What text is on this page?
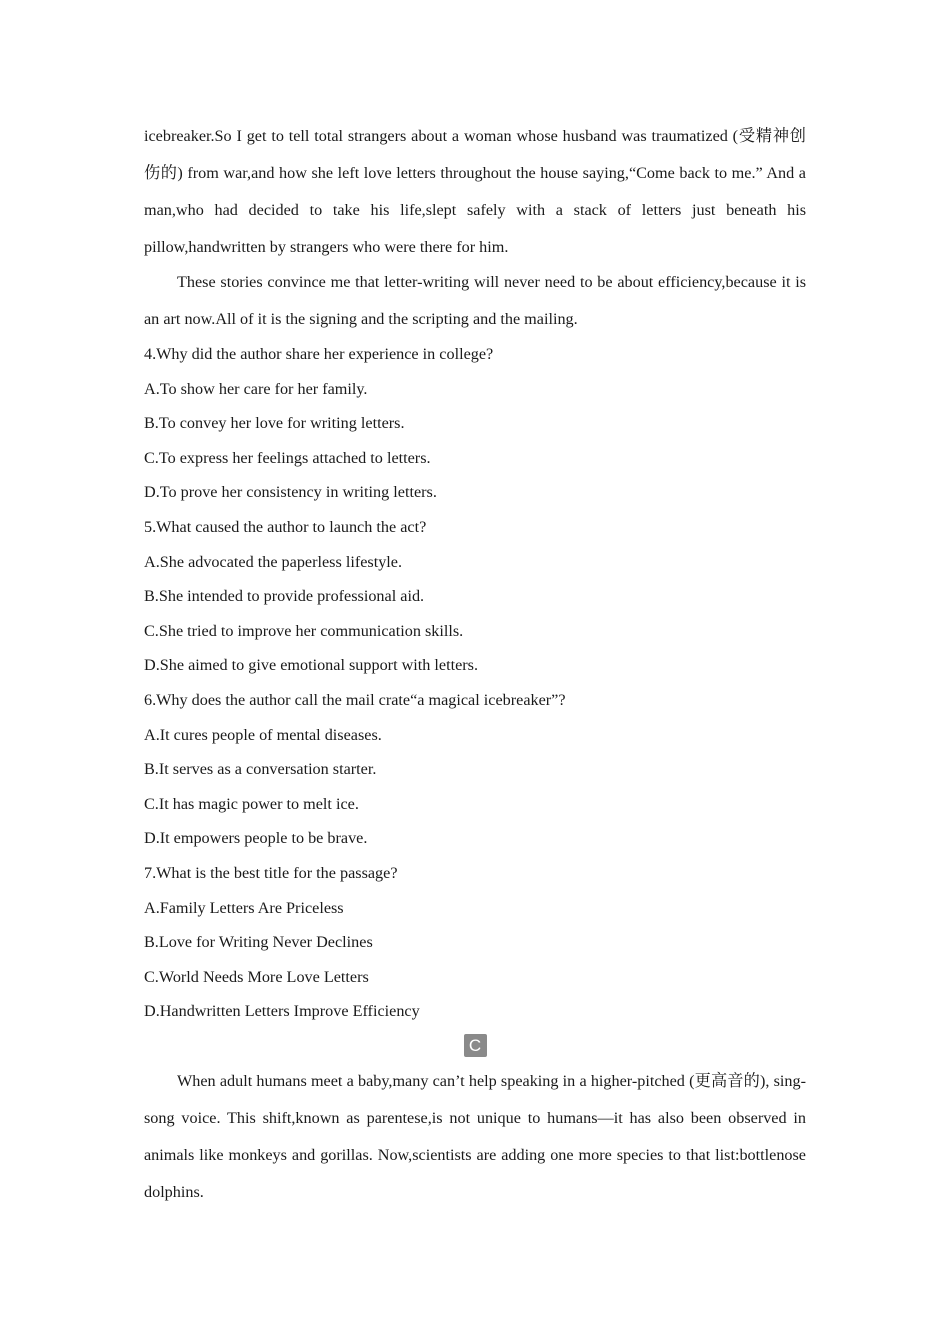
icebreaker.So I get to tell total strangers about a woman whose husband was traumatized (受精神创伤的) from war,and how she left love letters throughout the house saying,“Come back to me.” And a man,who had decided to take his life,slept safely with a stack of letters just beneath his pillow,handwritten by strangers who were there for him.

These stories convince me that letter-writing will never need to be about efficiency,because it is an art now.All of it is the signing and the scripting and the mailing.

4.Why did the author share her experience in college?

A.To show her care for her family.

B.To convey her love for writing letters.

C.To express her feelings attached to letters.

D.To prove her consistency in writing letters.

5.What caused the author to launch the act?

A.She advocated the paperless lifestyle.

B.She intended to provide professional aid.

C.She tried to improve her communication skills.

D.She aimed to give emotional support with letters.

6.Why does the author call the mail crate“a magical icebreaker”?

A.It cures people of mental diseases.

B.It serves as a conversation starter.

C.It has magic power to melt ice.

D.It empowers people to be brave.

7.What is the best title for the passage?

A.Family Letters Are Priceless

B.Love for Writing Never Declines

C.World Needs More Love Letters

D.Handwritten Letters Improve Efficiency

C

When adult humans meet a baby,many can’t help speaking in a higher-pitched (更高音的), sing-song voice. This shift,known as parentese,is not unique to humans—it has also been observed in animals like monkeys and gorillas. Now,scientists are adding one more species to that list:bottlenose dolphins.
